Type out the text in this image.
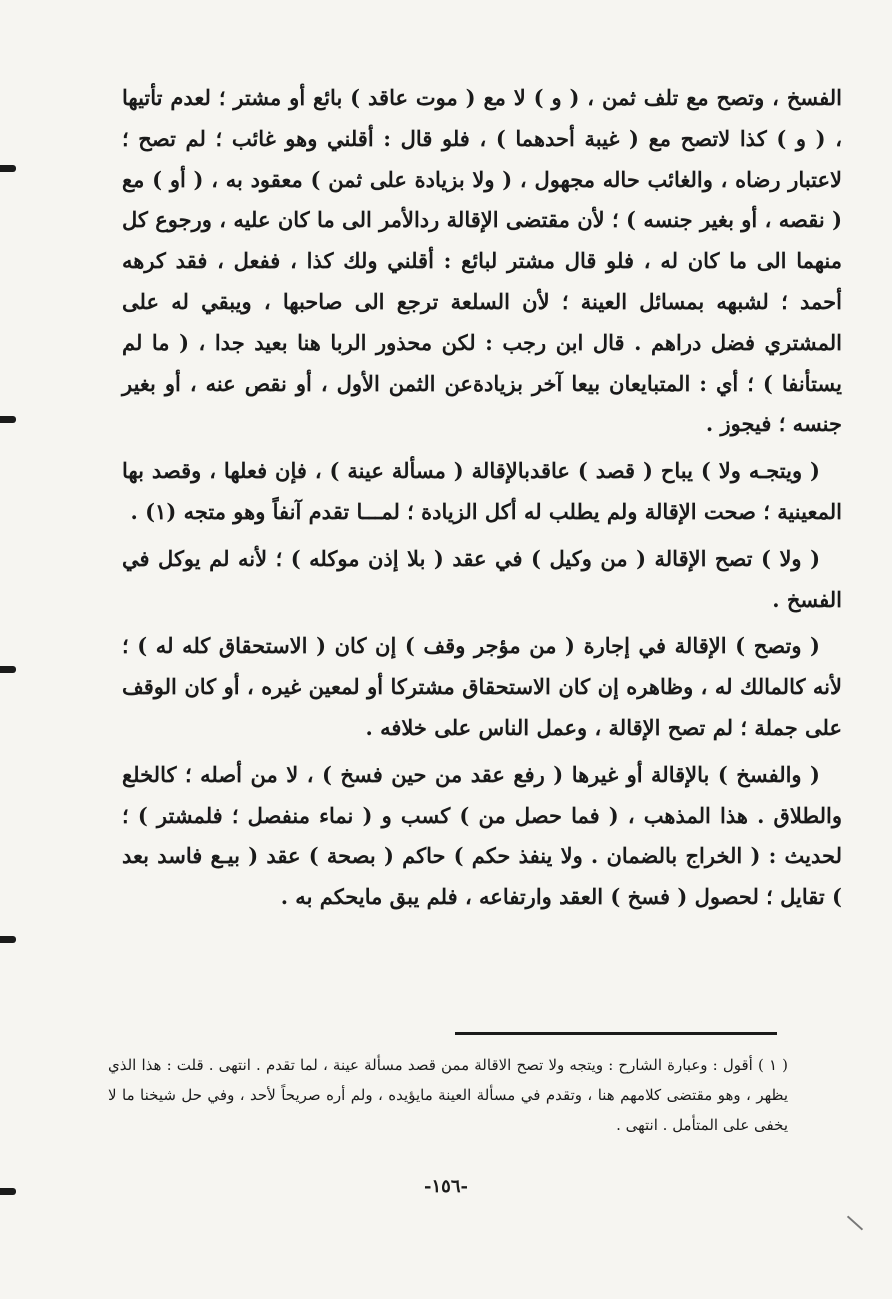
الفسخ ، وتصح مع تلف ثمن ، ( و ) لا مع ( موت عاقد ) بائع أو مشتر ؛ لعدم تأتيها ، ( و ) كذا لاتصح مع ( غيبة أحدهما ) ، فلو قال : أقلني وهو غائب ؛ لم تصح ؛ لاعتبار رضاه ، والغائب حاله مجهول ، ( ولا بزيادة على ثمن ) معقود به ، ( أو ) مع ( نقصه ، أو بغير جنسه ) ؛ لأن مقتضى الإقالة ردالأمر الى ما كان عليه ، ورجوع كل منهما الى ما كان له ، فلو قال مشتر لبائع : أقلني ولك كذا ، ففعل ، فقد كرهه أحمد ؛ لشبهه بمسائل العينة ؛ لأن السلعة ترجع الى صاحبها ، ويبقي له على المشتري فضل دراهم . قال ابن رجب : لكن محذور الربا هنا بعيد جدا ، ( ما لم يستأنفا ) ؛ أي : المتبايعان بيعا آخر بزيادةعن الثمن الأول ، أو نقص عنه ، أو بغير جنسه ؛ فيجوز .

( ويتجـه ولا ) يباح ( قصد ) عاقدبالإقالة ( مسألة عينة ) ، فإن فعلها ، وقصد بها المعينية ؛ صحت الإقالة ولم يطلب له أكل الزيادة ؛ لمـــا تقدم آنفاً وهو متجه (١) .

( ولا ) تصح الإقالة ( من وكيل ) في عقد ( بلا إذن موكله ) ؛ لأنه لم يوكل في الفسخ .

( وتصح ) الإقالة في إجارة ( من مؤجر وقف ) إن كان ( الاستحقاق كله له ) ؛ لأنه كالمالك له ، وظاهره إن كان الاستحقاق مشتركا أو لمعين غيره ، أو كان الوقف على جملة ؛ لم تصح الإقالة ، وعمل الناس على خلافه .

( والفسخ ) بالإقالة أو غيرها ( رفع عقد من حين فسخ ) ، لا من أصله ؛ كالخلع والطلاق . هذا المذهب ، ( فما حصل من ) كسب و ( نماء منفصل ؛ فلمشتر ) ؛ لحديث : ( الخراج بالضمان . ولا ينفذ حكم ) حاكم ( بصحة ) عقد ( بيـع فاسد بعد ) تقايل ؛ لحصول ( فسخ ) العقد وارتفاعه ، فلم يبق مايحكم به .

( ١ ) أقول : وعبارة الشارح : ويتجه ولا تصح الاقالة ممن قصد مسألة عينة ، لما تقدم . انتهى . قلت : هذا الذي يظهر ، وهو مقتضى كلامهم هنا ، وتقدم في مسألة العينة مايؤيده ، ولم أره صريحاً لأحد ، وفي حل شيخنا ما لا يخفى على المتأمل . انتهى .

-١٥٦-
